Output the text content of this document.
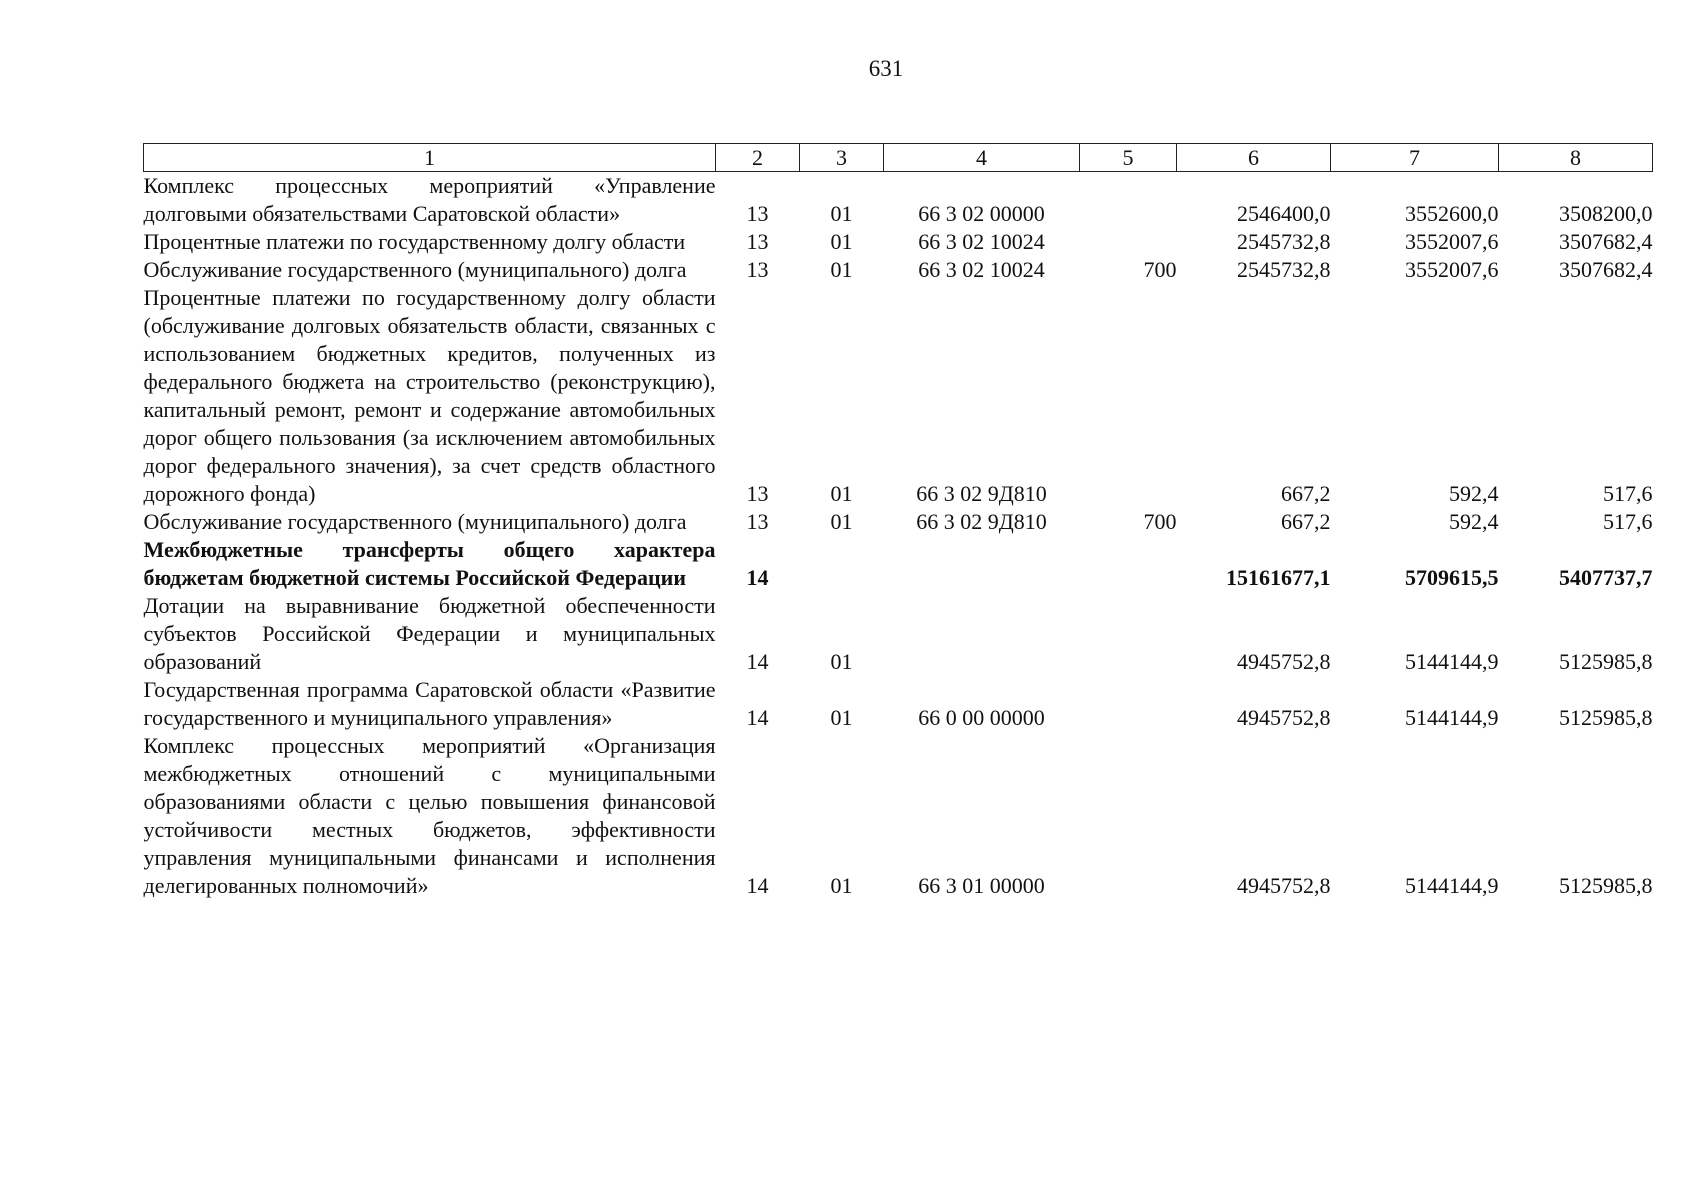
631
1	2	3	4	5	6	7	8
Комплекс процессных мероприятий «Управление долговыми обязательствами Саратовской области»	13	01	66 3 02 00000		2546400,0	3552600,0	3508200,0
Процентные платежи по государственному долгу области	13	01	66 3 02 10024		2545732,8	3552007,6	3507682,4
Обслуживание государственного (муниципального) долга	13	01	66 3 02 10024	700	2545732,8	3552007,6	3507682,4
Процентные платежи по государственному долгу области (обслуживание долговых обязательств области, связанных с использованием бюджетных кредитов, полученных из федерального бюджета на строительство (реконструкцию), капитальный ремонт, ремонт и содержание автомобильных дорог общего пользования (за исключением автомобильных дорог федерального значения), за счет средств областного дорожного фонда)	13	01	66 3 02 9Д810		667,2	592,4	517,6
Обслуживание государственного (муниципального) долга	13	01	66 3 02 9Д810	700	667,2	592,4	517,6
Межбюджетные трансферты общего характера бюджетам бюджетной системы Российской Федерации	14				15161677,1	5709615,5	5407737,7
Дотации на выравнивание бюджетной обеспеченности субъектов Российской Федерации и муниципальных образований	14	01			4945752,8	5144144,9	5125985,8
Государственная программа Саратовской области «Развитие государственного и муниципального управления»	14	01	66 0 00 00000		4945752,8	5144144,9	5125985,8
Комплекс процессных мероприятий «Организация межбюджетных отношений с муниципальными образованиями области с целью повышения финансовой устойчивости местных бюджетов, эффективности управления муниципальными финансами и исполнения делегированных полномочий»	14	01	66 3 01 00000		4945752,8	5144144,9	5125985,8
